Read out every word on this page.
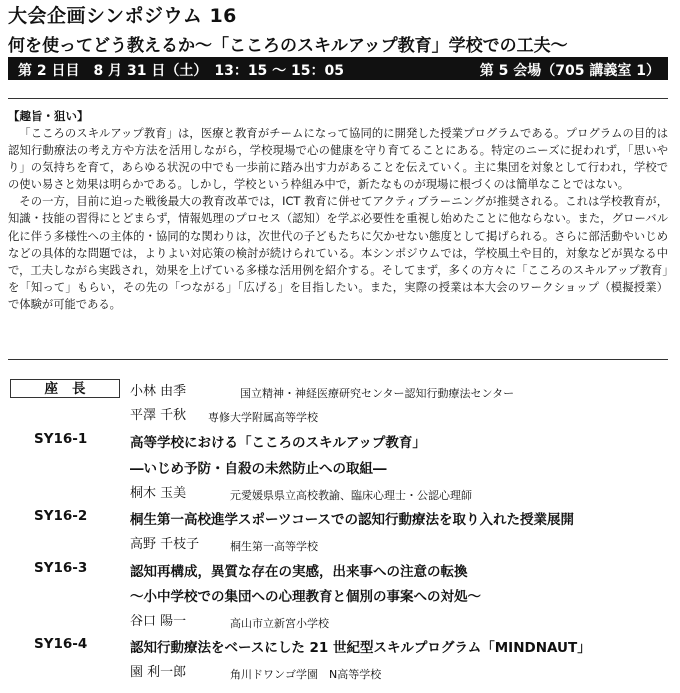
大会企画シンポジウム 16
何を使ってどう教えるか〜「こころのスキルアップ教育」学校での工夫〜
第 2 日目　8 月 31 日（土）　13：15 〜 15：05	第 5 会場（705 講義室 1）
【趣旨・狙い】

「こころのスキルアップ教育」は，医療と教育がチームになって協同的に開発した授業プログラムである。プログラムの目的は認知行動療法の考え方や方法を活用しながら，学校現場で心の健康を守り育てることにある。特定のニーズに捉われず，「思いやり」の気持ちを育て，あらゆる状況の中でも一歩前に踏み出す力があることを伝えていく。主に集団を対象として行われ，学校での使い易さと効果は明らかである。しかし，学校という枠組み中で，新たなものが現場に根づくのは簡単なことではない。

その一方，目前に迫った戦後最大の教育改革では，ICT 教育に併せてアクティブラーニングが推奨される。これは学校教育が，知識・技能の習得にとどまらず，情報処理のプロセス（認知）を学ぶ必要性を重視し始めたことに他ならない。また，グローバル化に伴う多様性への主体的・協同的な関わりは，次世代の子どもたちに欠かせない態度として掲げられる。さらに部活動やいじめなどの具体的な問題では，よりよい対応策の検討が続けられている。本シンポジウムでは，学校風土や目的，対象などが異なる中で，工夫しながら実践され，効果を上げている多様な活用例を紹介する。そしてまず，多くの方々に「こころのスキルアップ教育」を「知って」もらい，その先の「つながる」「広げる」を目指したい。また，実際の授業は本大会のワークショップ（模擬授業）で体験が可能である。

座長	小林 由季	国立精神・神経医療研究センター認知行動療法センター
平澤 千秋 専修大学附属高等学校
SY16-1	高等学校における「こころのスキルアップ教育」
―いじめ予防・自殺の未然防止への取組―
桐木 玉美	元愛媛県県立高校教諭、臨床心理士・公認心理師
SY16-2	桐生第一高校進学スポーツコースでの認知行動療法を取り入れた授業展開
高野 千枝子	桐生第一高等学校
SY16-3	認知再構成，異質な存在の実感，出来事への注意の転換
〜小中学校での集団への心理教育と個別の事案への対処〜
谷口 陽一	高山市立新宮小学校
SY16-4	認知行動療法をベースにした 21 世紀型スキルプログラム「MINDNAUT」
園 利一郎	角川ドワンゴ学園　N高等学校
